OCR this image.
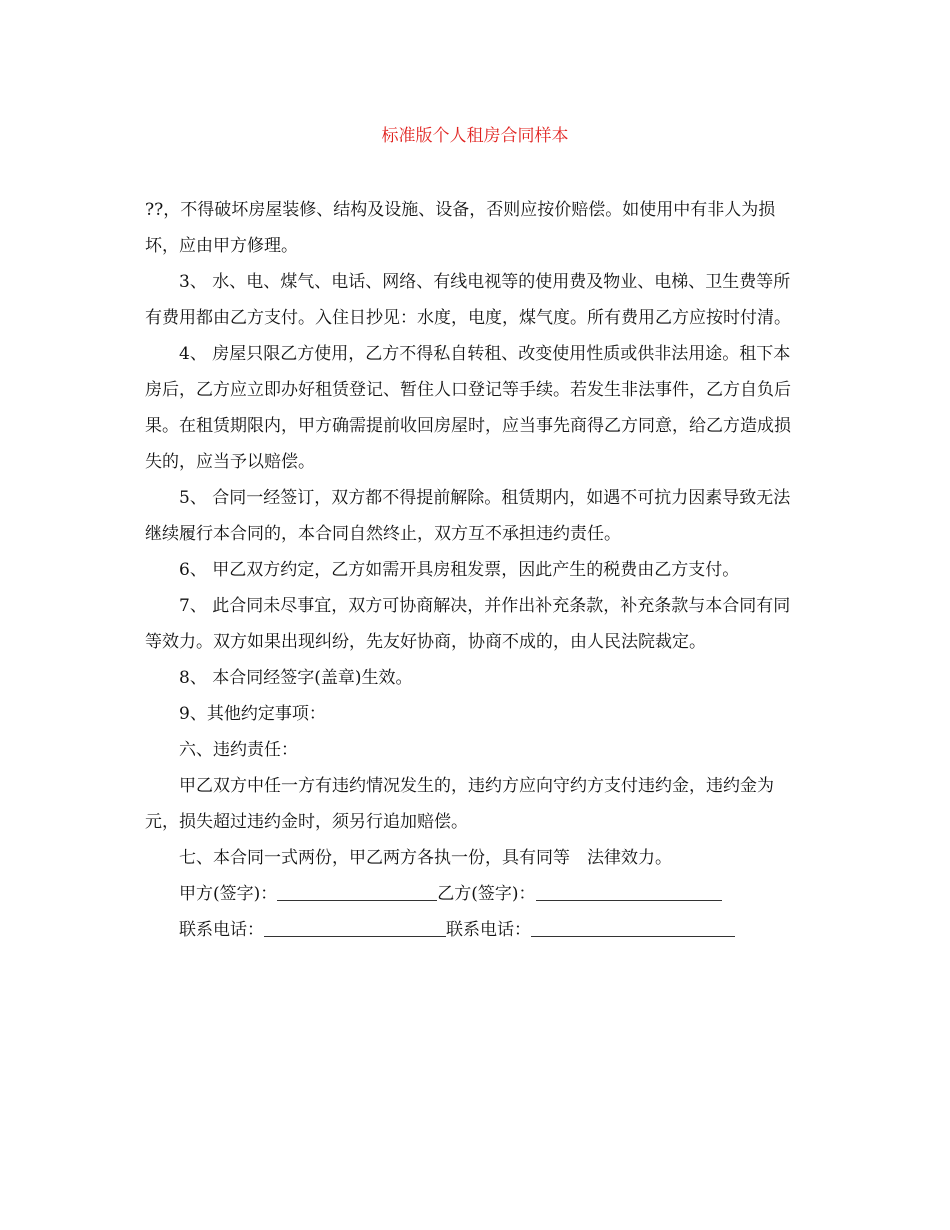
标准版个人租房合同样本

??，不得破坏房屋装修、结构及设施、设备，否则应按价赔偿。如使用中有非人为损坏，应由甲方修理。

3、 水、电、煤气、电话、网络、有线电视等的使用费及物业、电梯、卫生费等所有费用都由乙方支付。入住日抄见：水度，电度，煤气度。所有费用乙方应按时付清。

4、 房屋只限乙方使用，乙方不得私自转租、改变使用性质或供非法用途。租下本房后，乙方应立即办好租赁登记、暂住人口登记等手续。若发生非法事件，乙方自负后果。在租赁期限内，甲方确需提前收回房屋时，应当事先商得乙方同意，给乙方造成损失的，应当予以赔偿。

5、 合同一经签订，双方都不得提前解除。租赁期内，如遇不可抗力因素导致无法继续履行本合同的，本合同自然终止，双方互不承担违约责任。

6、 甲乙双方约定，乙方如需开具房租发票，因此产生的税费由乙方支付。

7、 此合同未尽事宜，双方可协商解决，并作出补充条款，补充条款与本合同有同等效力。双方如果出现纠纷，先友好协商，协商不成的，由人民法院裁定。

8、 本合同经签字(盖章)生效。

9、其他约定事项：

六、违约责任：

甲乙双方中任一方有违约情况发生的，违约方应向守约方支付违约金，违约金为元，损失超过违约金时，须另行追加赔偿。

七、本合同一式两份，甲乙两方各执一份，具有同等　法律效力。

甲方(签字)：	乙方(签字)：
联系电话：	联系电话：
